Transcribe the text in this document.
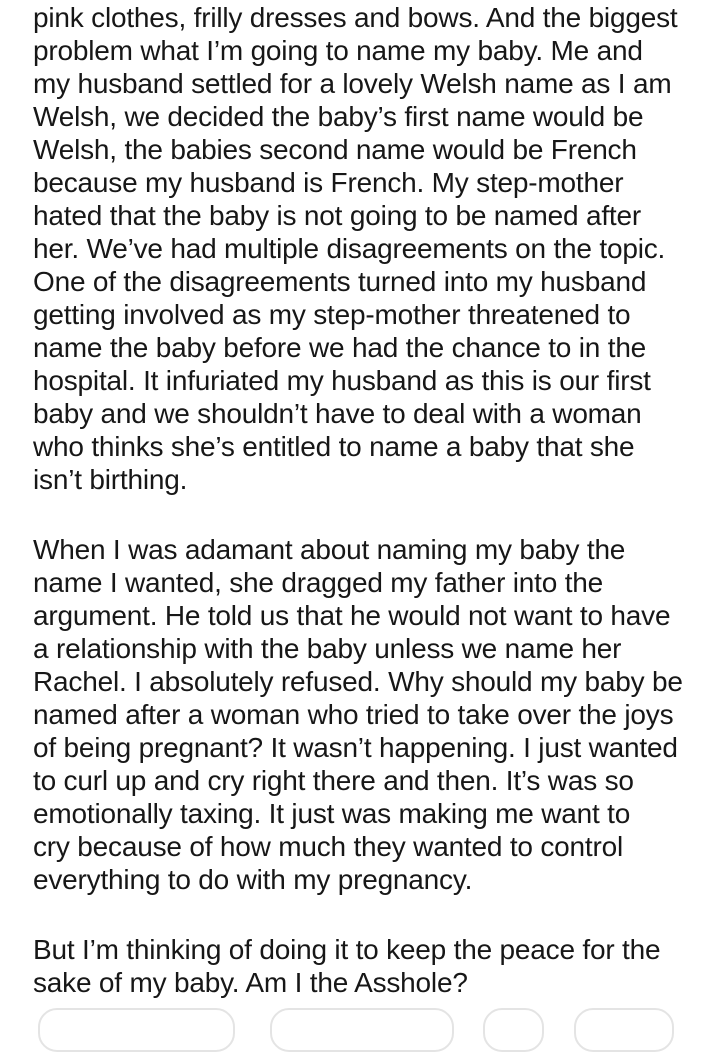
pink clothes, frilly dresses and bows. And the biggest
problem what I’m going to name my baby. Me and
my husband settled for a lovely Welsh name as I am
Welsh, we decided the baby’s first name would be
Welsh, the babies second name would be French
because my husband is French. My step-mother
hated that the baby is not going to be named after
her. We’ve had multiple disagreements on the topic.
One of the disagreements turned into my husband
getting involved as my step-mother threatened to
name the baby before we had the chance to in the
hospital. It infuriated my husband as this is our first
baby and we shouldn’t have to deal with a woman
who thinks she’s entitled to name a baby that she
isn’t birthing.
When I was adamant about naming my baby the
name I wanted, she dragged my father into the
argument. He told us that he would not want to have
a relationship with the baby unless we name her
Rachel. I absolutely refused. Why should my baby be
named after a woman who tried to take over the joys
of being pregnant? It wasn’t happening. I just wanted
to curl up and cry right there and then. It’s was so
emotionally taxing. It just was making me want to
cry because of how much they wanted to control
everything to do with my pregnancy.
But I’m thinking of doing it to keep the peace for the
sake of my baby. Am I the Asshole?
